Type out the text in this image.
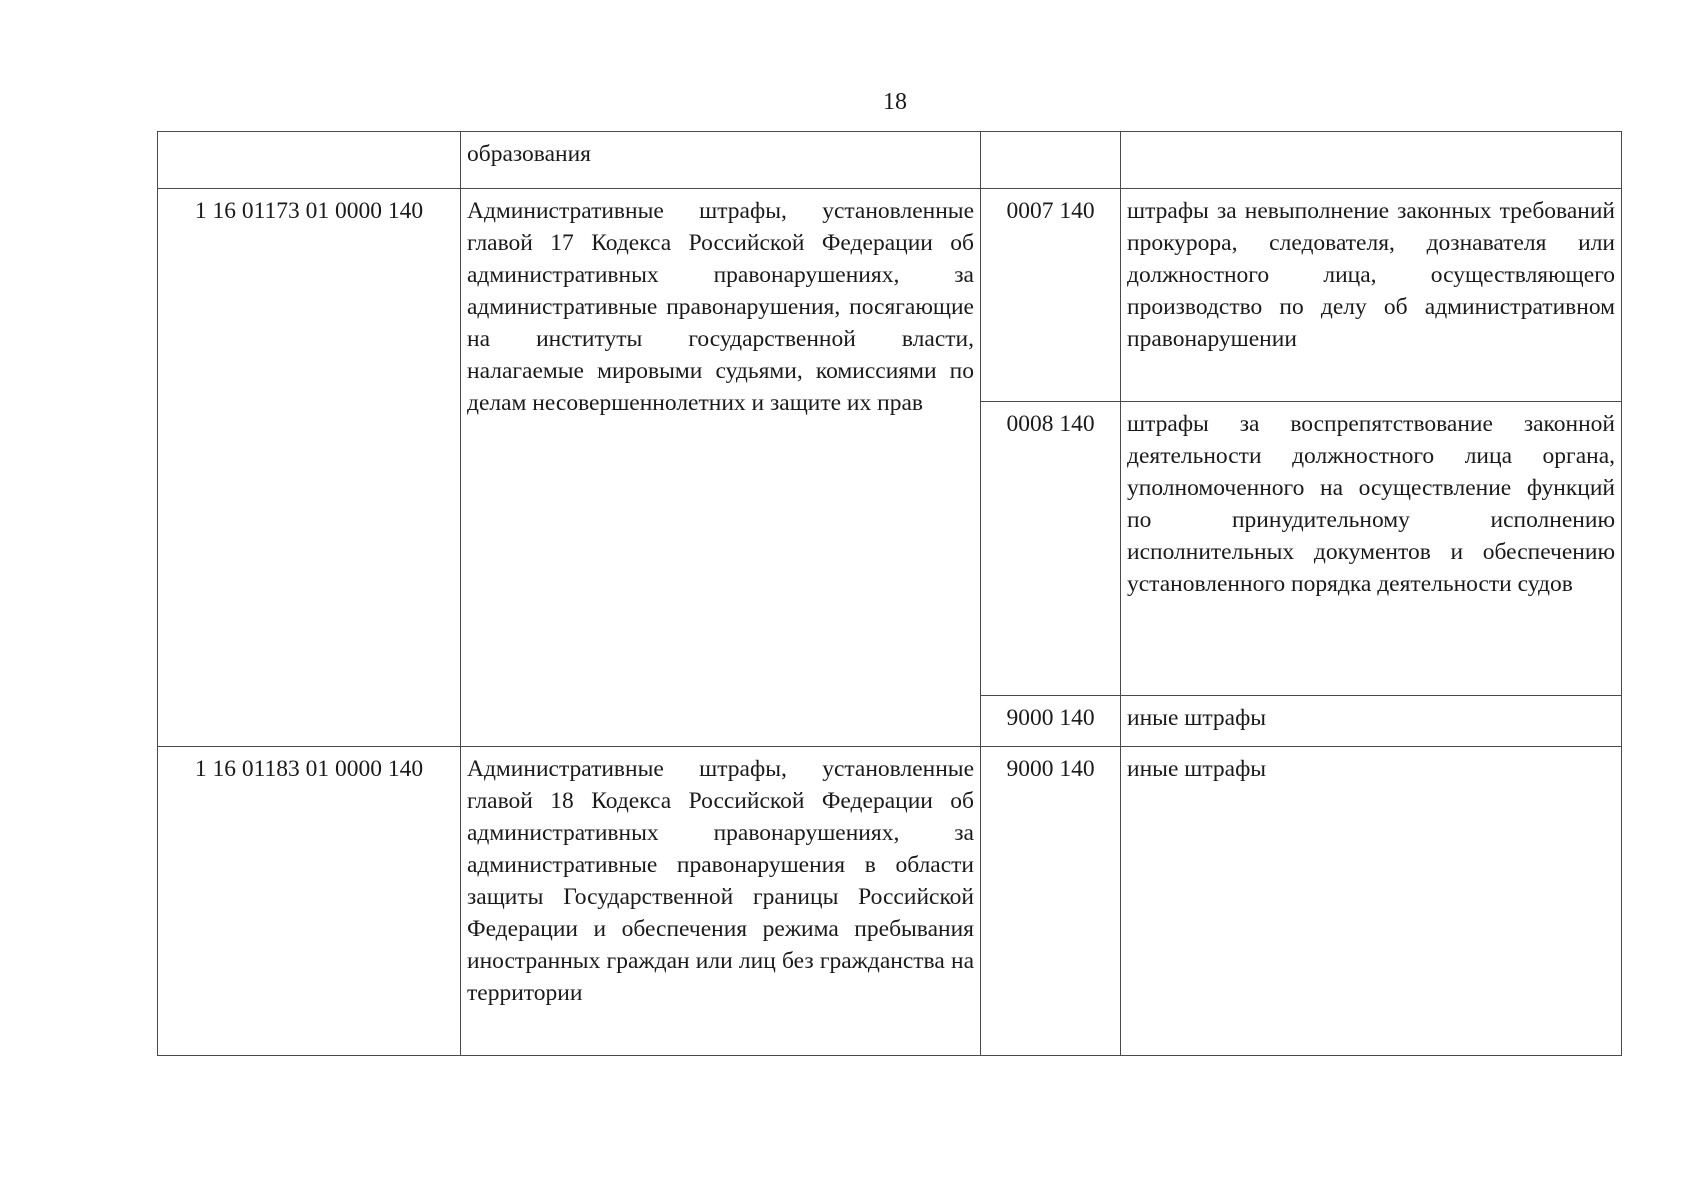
18
	образования		
1 16 01173 01 0000 140	Административные штрафы, установленные главой 17 Кодекса Российской Федерации об административных правонарушениях, за административные правонарушения, посягающие на институты государственной власти, налагаемые мировыми судьями, комиссиями по делам несовершеннолетних и защите их прав	0007 140	штрафы за невыполнение законных требований прокурора, следователя, дознавателя или должностного лица, осуществляющего производство по делу об административном правонарушении
		0008 140	штрафы за воспрепятствование законной деятельности должностного лица органа, уполномоченного на осуществление функций по принудительному исполнению исполнительных документов и обеспечению установленного порядка деятельности судов
		9000 140	иные штрафы
1 16 01183 01 0000 140	Административные штрафы, установленные главой 18 Кодекса Российской Федерации об административных правонарушениях, за административные правонарушения в области защиты Государственной границы Российской Федерации и обеспечения режима пребывания иностранных граждан или лиц без гражданства на территории	9000 140	иные штрафы
